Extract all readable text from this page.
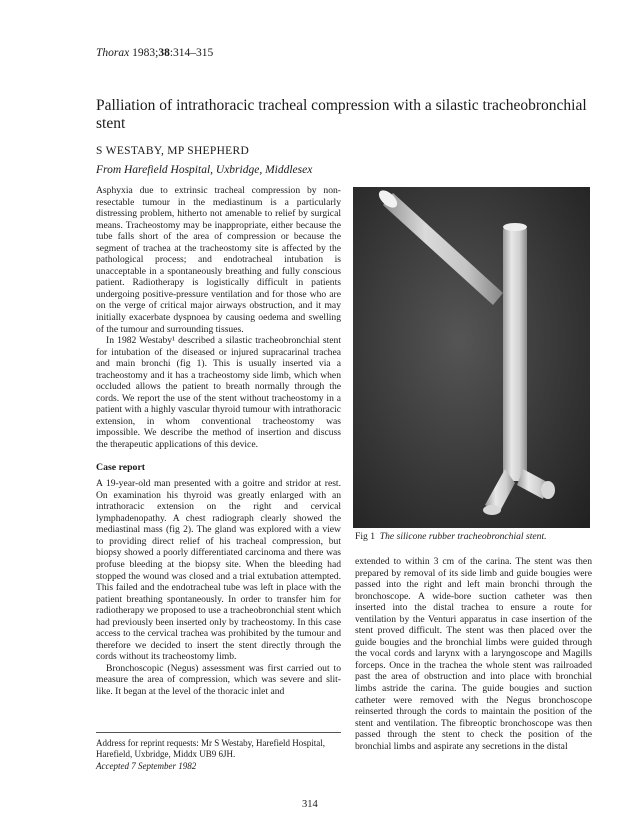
Thorax 1983;38:314–315
Palliation of intrathoracic tracheal compression with a silastic tracheobronchial stent
S WESTABY, MP SHEPHERD
From Harefield Hospital, Uxbridge, Middlesex

Asphyxia due to extrinsic tracheal compression by non-resectable tumour in the mediastinum is a particularly distressing problem, hitherto not amenable to relief by surgical means. Tracheostomy may be inappropriate, either because the tube falls short of the area of compression or because the segment of trachea at the tracheostomy site is affected by the pathological process; and endotracheal intubation is unacceptable in a spontaneously breathing and fully conscious patient. Radiotherapy is logistically difficult in patients undergoing positive-pressure ventilation and for those who are on the verge of critical major airways obstruction, and it may initially exacerbate dyspnoea by causing oedema and swelling of the tumour and surrounding tissues.

In 1982 Westaby¹ described a silastic tracheobronchial stent for intubation of the diseased or injured supracarinal trachea and main bronchi (fig 1). This is usually inserted via a tracheostomy and it has a tracheostomy side limb, which when occluded allows the patient to breath normally through the cords. We report the use of the stent without tracheostomy in a patient with a highly vascular thyroid tumour with intrathoracic extension, in whom conventional tracheostomy was impossible. We describe the method of insertion and discuss the therapeutic applications of this device.

Case report

A 19-year-old man presented with a goitre and stridor at rest. On examination his thyroid was greatly enlarged with an intrathoracic extension on the right and cervical lymphadenopathy. A chest radiograph clearly showed the mediastinal mass (fig 2). The gland was explored with a view to providing direct relief of his tracheal compression, but biopsy showed a poorly differentiated carcinoma and there was profuse bleeding at the biopsy site. When the bleeding had stopped the wound was closed and a trial extubation attempted. This failed and the endotracheal tube was left in place with the patient breathing spontaneously. In order to transfer him for radiotherapy we proposed to use a tracheobronchial stent which had previously been inserted only by tracheostomy. In this case access to the cervical trachea was prohibited by the tumour and therefore we decided to insert the stent directly through the cords without its tracheostomy limb.

Bronchoscopic (Negus) assessment was first carried out to measure the area of compression, which was severe and slit-like. It began at the level of the thoracic inlet and

Fig 1 The silicone rubber tracheobronchial stent.

extended to within 3 cm of the carina. The stent was then prepared by removal of its side limb and guide bougies were passed into the right and left main bronchi through the bronchoscope. A wide-bore suction catheter was then inserted into the distal trachea to ensure a route for ventilation by the Venturi apparatus in case insertion of the stent proved difficult. The stent was then placed over the guide bougies and the bronchial limbs were guided through the vocal cords and larynx with a laryngoscope and Magills forceps. Once in the trachea the whole stent was railroaded past the area of obstruction and into place with bronchial limbs astride the carina. The guide bougies and suction catheter were removed with the Negus bronchoscope reinserted through the cords to maintain the position of the stent and ventilation. The fibreoptic bronchoscope was then passed through the stent to check the position of the bronchial limbs and aspirate any secretions in the distal

Address for reprint requests: Mr S Westaby, Harefield Hospital, Harefield, Uxbridge, Middx UB9 6JH.
Accepted 7 September 1982
314
